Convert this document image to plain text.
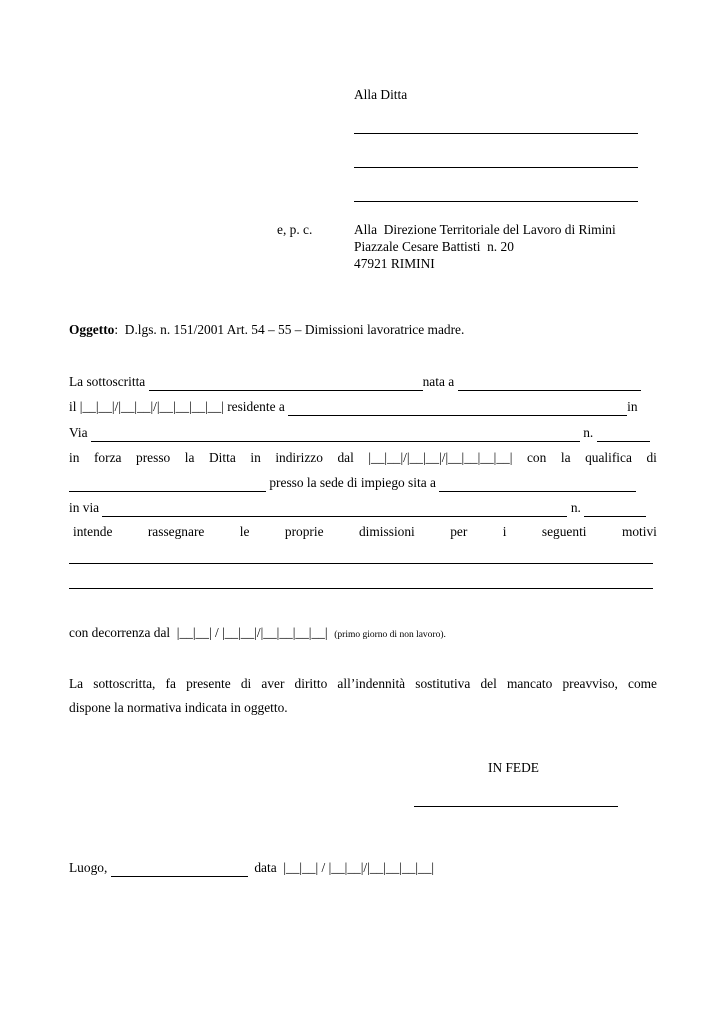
Alla Ditta
e, p. c.	Alla  Direzione Territoriale del Lavoro di Rimini
Piazzale Cesare Battisti  n. 20
47921 RIMINI
Oggetto:  D.lgs. n. 151/2001 Art. 54 – 55 – Dimissioni lavoratrice madre.
La sottoscritta	nata a
il |__|__|/|__|__|/|__|__|__|__| residente a	in
Via	n.
in forza presso la Ditta in indirizzo dal |__|__|/|__|__|/|__|__|__|__| con la qualifica di
presso la sede di impiego sita a
in via	n.
intende	rassegnare	le	proprie	dimissioni	per	i	seguenti	motivi
con decorrenza dal  |__|__| / |__|__|/|__|__|__|__| (primo giorno di non lavoro).
La sottoscritta, fa presente di aver diritto all’indennità sostitutiva del mancato preavviso, come
dispone la normativa indicata in oggetto.
IN FEDE
Luogo,	data  |__|__| / |__|__|/|__|__|__|__|
